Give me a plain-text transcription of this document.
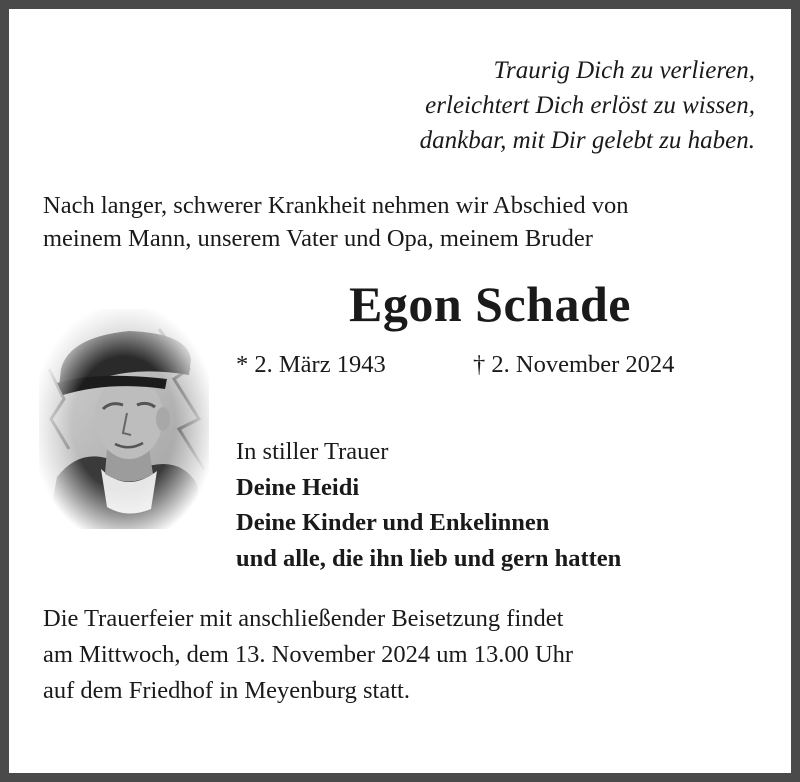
Traurig Dich zu verlieren,
erleichtert Dich erlöst zu wissen,
dankbar, mit Dir gelebt zu haben.
Nach langer, schwerer Krankheit nehmen wir Abschied von
meinem Mann, unserem Vater und Opa, meinem Bruder
Egon Schade
* 2. März 1943	† 2. November 2024
In stiller Trauer
Deine Heidi
Deine Kinder und Enkelinnen
und alle, die ihn lieb und gern hatten
Die Trauerfeier mit anschließender Beisetzung findet
am Mittwoch, dem 13. November 2024 um 13.00 Uhr
auf dem Friedhof in Meyenburg statt.
